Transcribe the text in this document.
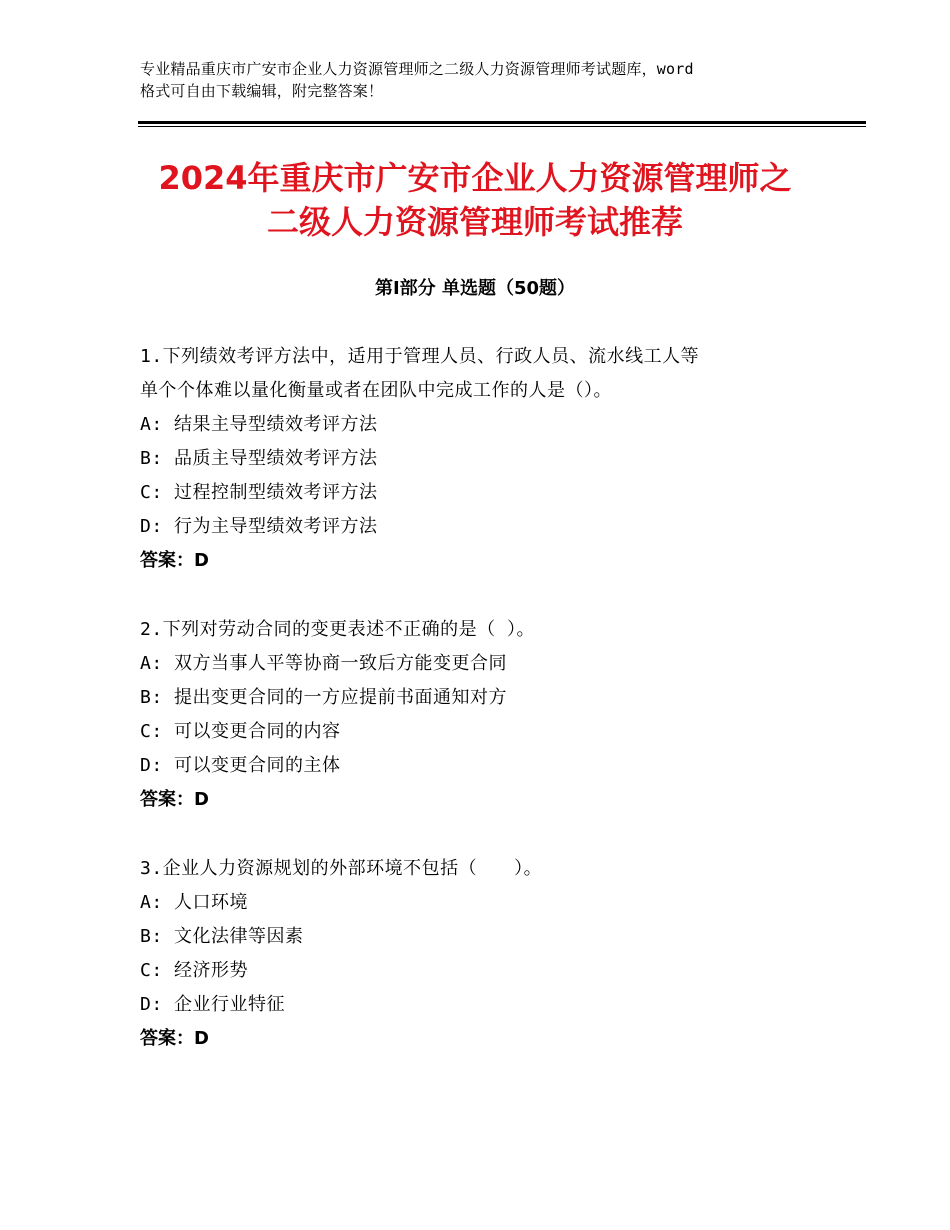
专业精品重庆市广安市企业人力资源管理师之二级人力资源管理师考试题库，word
格式可自由下载编辑，附完整答案！
2024年重庆市广安市企业人力资源管理师之
二级人力资源管理师考试推荐
第Ⅰ部分 单选题（50题）
1.下列绩效考评方法中，适用于管理人员、行政人员、流水线工人等
单个个体难以量化衡量或者在团队中完成工作的人是（）。
A: 结果主导型绩效考评方法
B: 品质主导型绩效考评方法
C: 过程控制型绩效考评方法
D: 行为主导型绩效考评方法
答案：D
2.下列对劳动合同的变更表述不正确的是（ ）。
A: 双方当事人平等协商一致后方能变更合同
B: 提出变更合同的一方应提前书面通知对方
C: 可以变更合同的内容
D: 可以变更合同的主体
答案：D
3.企业人力资源规划的外部环境不包括（　　）。
A: 人口环境
B: 文化法律等因素
C: 经济形势
D: 企业行业特征
答案：D
